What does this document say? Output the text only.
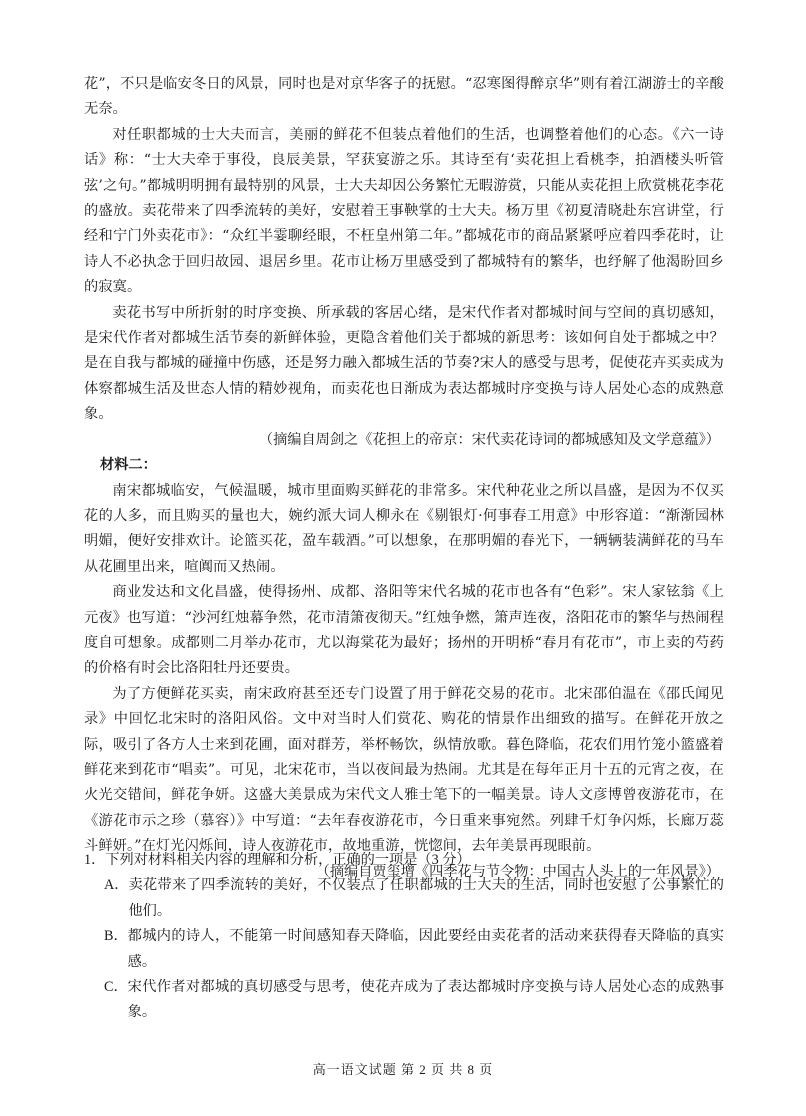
花”，不只是临安冬日的风景，同时也是对京华客子的抚慰。“忍寒图得醉京华”则有着江湖游士的辛酸无奈。

对任职都城的士大夫而言，美丽的鲜花不但装点着他们的生活，也调整着他们的心态。《六一诗话》称：“士大夫牵于事役，良辰美景，罕获宴游之乐。其诗至有‘卖花担上看桃李，拍酒楼头听管弦’之句。”都城明明拥有最特别的风景，士大夫却因公务繁忙无暇游赏，只能从卖花担上欣赏桃花李花的盛放。卖花带来了四季流转的美好，安慰着王事鞅掌的士大夫。杨万里《初夏清晓赴东宫讲堂，行经和宁门外卖花市》：“众红半霎聊经眼，不枉皇州第二年。”都城花市的商品紧紧呼应着四季花时，让诗人不必执念于回归故园、退居乡里。花市让杨万里感受到了都城特有的繁华，也纾解了他渴盼回乡的寂寞。

卖花书写中所折射的时序变换、所承载的客居心绪，是宋代作者对都城时间与空间的真切感知，是宋代作者对都城生活节奏的新鲜体验，更隐含着他们关于都城的新思考：该如何自处于都城之中？是在自我与都城的碰撞中伤感，还是努力融入都城生活的节奏?宋人的感受与思考，促使花卉买卖成为体察都城生活及世态人情的精妙视角，而卖花也日渐成为表达都城时序变换与诗人居处心态的成熟意象。

（摘编自周剑之《花担上的帝京：宋代卖花诗词的都城感知及文学意蕴》）

材料二：

南宋都城临安，气候温暖，城市里面购买鲜花的非常多。宋代种花业之所以昌盛，是因为不仅买花的人多，而且购买的量也大，婉约派大词人柳永在《剔银灯·何事春工用意》中形容道：“渐渐园林明媚，便好安排欢计。论篮买花，盈车载酒。”可以想象，在那明媚的春光下，一辆辆装满鲜花的马车从花圃里出来，喧阗而又热闹。

商业发达和文化昌盛，使得扬州、成都、洛阳等宋代名城的花市也各有“色彩”。宋人家铉翁《上元夜》也写道：“沙河红烛幕争然，花市清箫夜彻天。”红烛争燃，箫声连夜，洛阳花市的繁华与热闹程度自可想象。成都则二月举办花市，尤以海棠花为最好；扬州的开明桥“春月有花市”，市上卖的芍药的价格有时会比洛阳牡丹还要贵。

为了方便鲜花买卖，南宋政府甚至还专门设置了用于鲜花交易的花市。北宋邵伯温在《邵氏闻见录》中回忆北宋时的洛阳风俗。文中对当时人们赏花、购花的情景作出细致的描写。在鲜花开放之际，吸引了各方人士来到花圃，面对群芳，举杯畅饮，纵情放歌。暮色降临，花农们用竹笼小篮盛着鲜花来到花市“唱卖”。可见，北宋花市，当以夜间最为热闹。尤其是在每年正月十五的元宵之夜，在火光交错间，鲜花争妍。这盛大美景成为宋代文人雅士笔下的一幅美景。诗人文彦博曾夜游花市，在《游花市示之珍（慕容）》中写道：“去年春夜游花市，今日重来事宛然。列肆千灯争闪烁，长廊万蕊斗鲜妍。”在灯光闪烁间，诗人夜游花市，故地重游，恍惚间，去年美景再现眼前。

（摘编自贾玺增《四季花与节令物：中国古人头上的一年风景》）

1．下列对材料相关内容的理解和分析，正确的一项是（3 分）

A． 卖花带来了四季流转的美好，不仅装点了任职都城的士大夫的生活，同时也安慰了公事繁忙的他们。
B． 都城内的诗人，不能第一时间感知春天降临，因此要经由卖花者的活动来获得春天降临的真实感。
C． 宋代作者对都城的真切感受与思考，使花卉成为了表达都城时序变换与诗人居处心态的成熟事象。
高一语文试题 第 2 页 共 8 页
